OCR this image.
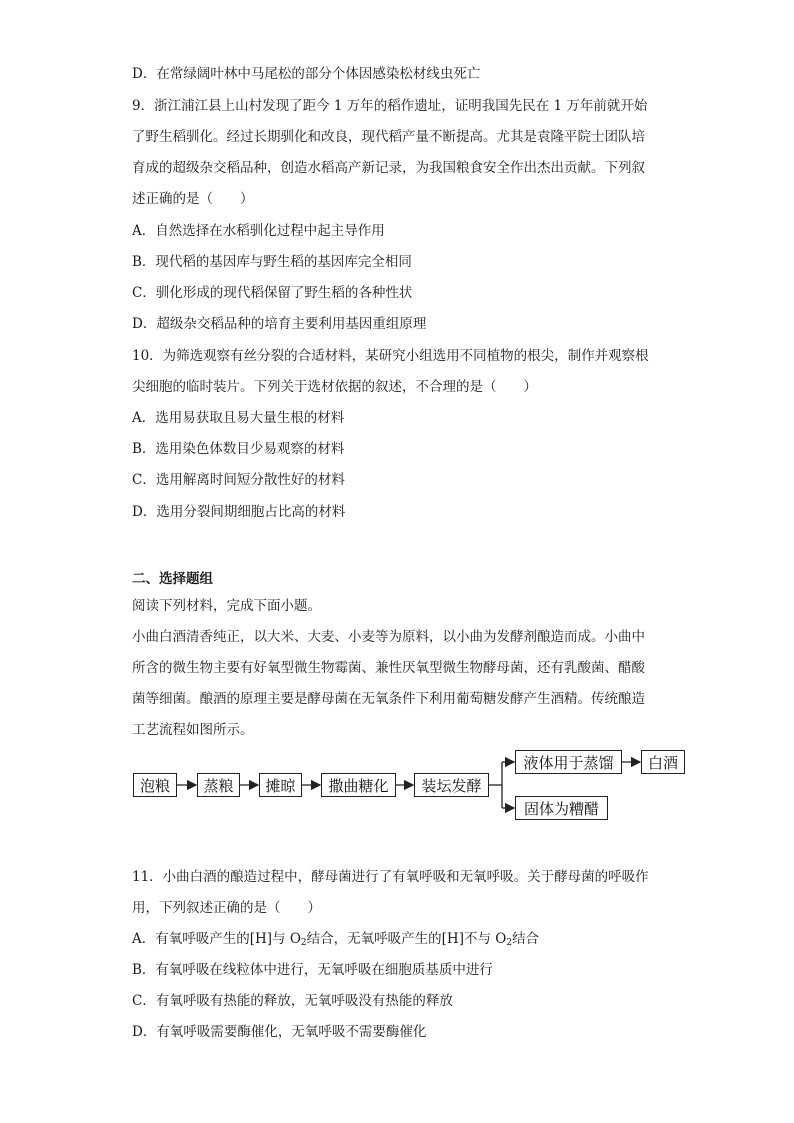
D．在常绿阔叶林中马尾松的部分个体因感染松材线虫死亡
9．浙江浦江县上山村发现了距今 1 万年的稻作遗址，证明我国先民在 1 万年前就开始
了野生稻驯化。经过长期驯化和改良，现代稻产量不断提高。尤其是袁隆平院士团队培
育成的超级杂交稻品种，创造水稻高产新记录，为我国粮食安全作出杰出贡献。下列叙
述正确的是（　　）
A．自然选择在水稻驯化过程中起主导作用
B．现代稻的基因库与野生稻的基因库完全相同
C．驯化形成的现代稻保留了野生稻的各种性状
D．超级杂交稻品种的培育主要利用基因重组原理
10．为筛选观察有丝分裂的合适材料，某研究小组选用不同植物的根尖，制作并观察根
尖细胞的临时装片。下列关于选材依据的叙述，不合理的是（　　）
A．选用易获取且易大量生根的材料
B．选用染色体数目少易观察的材料
C．选用解离时间短分散性好的材料
D．选用分裂间期细胞占比高的材料
二、选择题组
阅读下列材料，完成下面小题。
小曲白酒清香纯正，以大米、大麦、小麦等为原料，以小曲为发酵剂酿造而成。小曲中
所含的微生物主要有好氧型微生物霉菌、兼性厌氧型微生物酵母菌，还有乳酸菌、醋酸
菌等细菌。酿酒的原理主要是酵母菌在无氧条件下利用葡萄糖发酵产生酒精。传统酿造
工艺流程如图所示。
泡粮	蒸粮	摊晾	撒曲糖化	装坛发酵
液体用于蒸馏	白酒
固体为糟醋
11．小曲白酒的酿造过程中，酵母菌进行了有氧呼吸和无氧呼吸。关于酵母菌的呼吸作
用，下列叙述正确的是（　　）
A．有氧呼吸产生的[H]与 $O_2$结合，无氧呼吸产生的[H]不与 $O_2$结合
B．有氧呼吸在线粒体中进行，无氧呼吸在细胞质基质中进行
C．有氧呼吸有热能的释放，无氧呼吸没有热能的释放
D．有氧呼吸需要酶催化，无氧呼吸不需要酶催化
